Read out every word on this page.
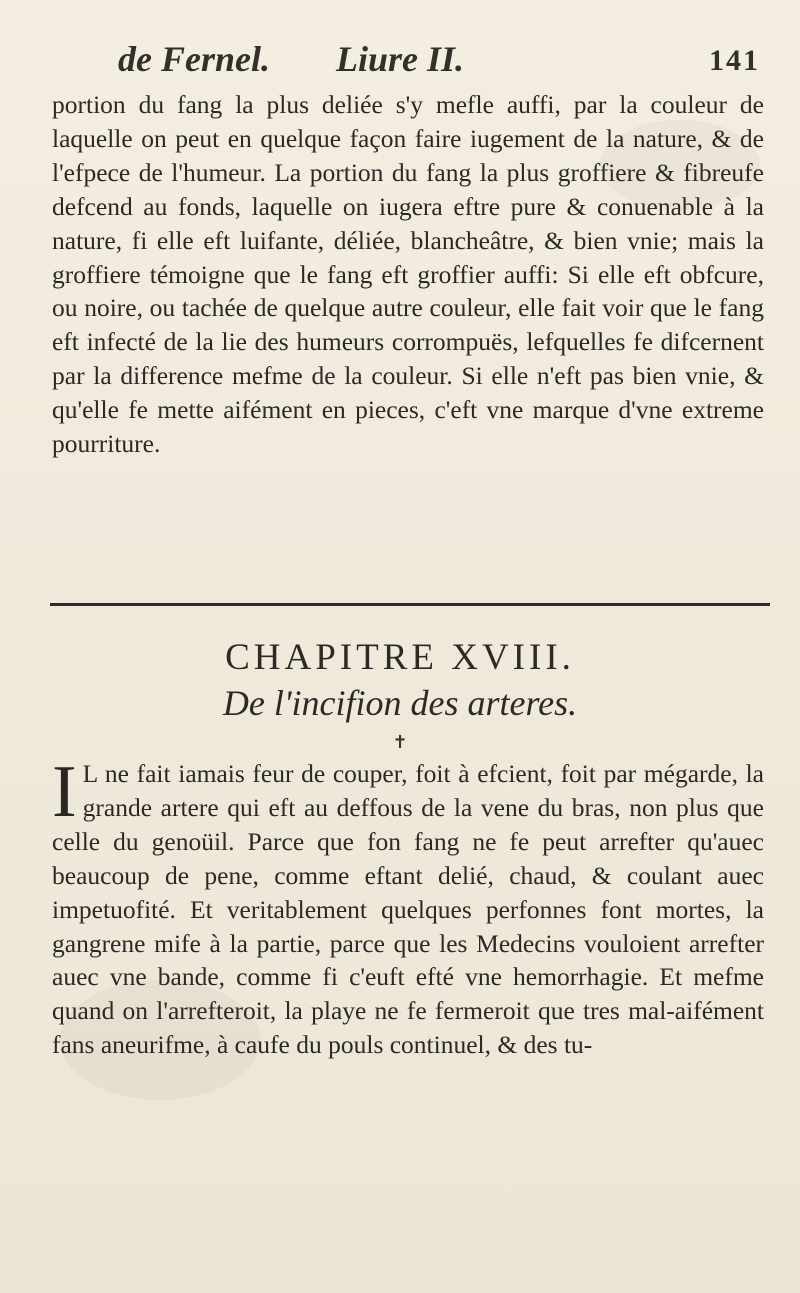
de Fernel. Liure II.	141

portion du fang la plus deliée s'y mefle auffi, par la couleur de laquelle on peut en quelque façon faire iugement de la nature, & de l'efpece de l'humeur. La portion du fang la plus groffiere & fibreufe defcend au fonds, laquelle on iugera eftre pure & conuenable à la nature, fi elle eft luifante, déliée, blancheâtre, & bien vnie; mais la groffiere témoigne que le fang eft groffier auffi: Si elle eft obfcure, ou noire, ou tachée de quelque autre couleur, elle fait voir que le fang eft infecté de la lie des humeurs corrompuës, lefquelles fe difcernent par la difference mefme de la couleur. Si elle n'eft pas bien vnie, & qu'elle fe mette aifément en pieces, c'eft vne marque d'vne extreme pourriture.

CHAPITRE XVIII.
De l'incifion des arteres.
✝
I L ne fait iamais feur de couper, foit à efcient, foit par mégarde, la grande artere qui eft au deffous de la vene du bras, non plus que celle du genoüil. Parce que fon fang ne fe peut arrefter qu'auec beaucoup de pene, comme eftant delié, chaud, & coulant auec impetuofité. Et veritablement quelques perfonnes font mortes, la gangrene mife à la partie, parce que les Medecins vouloient arrefter auec vne bande, comme fi c'euft efté vne hemorrhagie. Et mefme quand on l'arrefteroit, la playe ne fe fermeroit que tres mal-aifément fans aneurifme, à caufe du pouls continuel, & des tu-
